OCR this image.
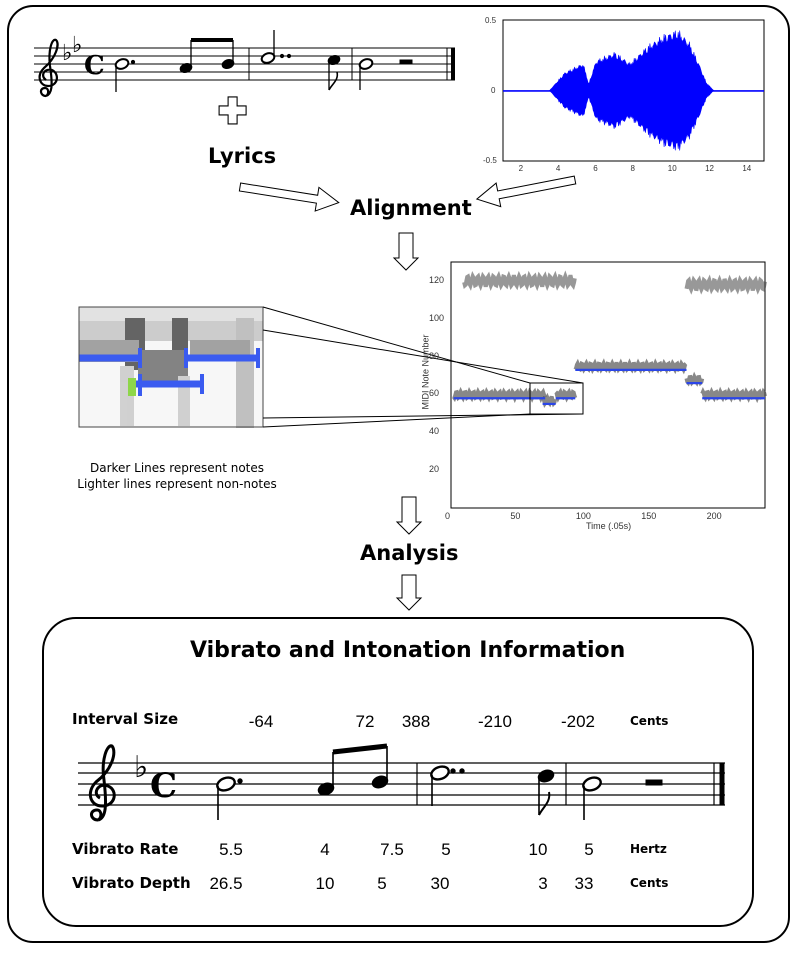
♭ ♭
C
♭ C
Lyrics
Alignment
Analysis
0.5
0
-0.5
2	4	6	8	10	12	14
20
40
60
80
100
120
0	50	100	150	200
Time (.05s)
MIDI Note Number
Darker Lines represent notes
Lighter lines represent non-notes
Vibrato and Intonation Information
Interval Size	-64	72 388	-210	-202	Cents
Vibrato Rate 5.5	4	7.5 5	10 5	Hertz
Vibrato Depth 26.5	10	5	30	3 33	Cents
